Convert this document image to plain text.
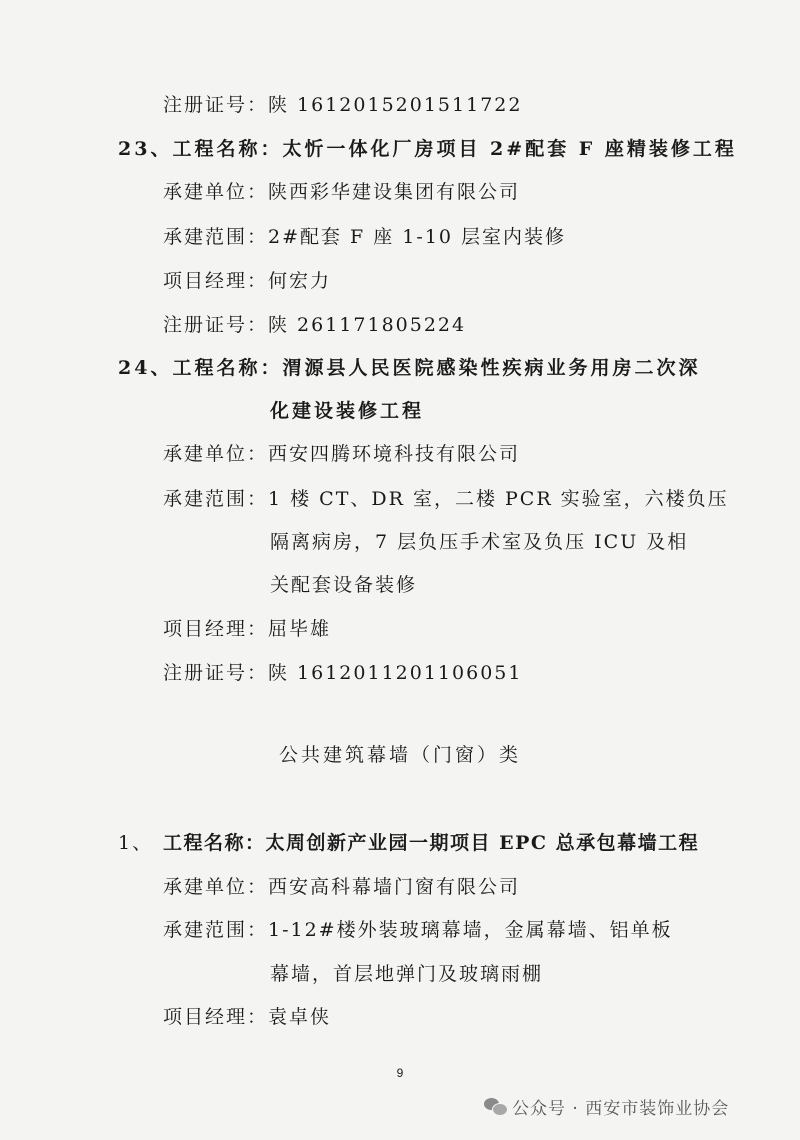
注册证号：陕 1612015201511722
23、工程名称：太忻一体化厂房项目 2#配套 F 座精装修工程
承建单位：陕西彩华建设集团有限公司
承建范围：2#配套 F 座 1-10 层室内装修
项目经理：何宏力
注册证号：陕 261171805224
24、工程名称：渭源县人民医院感染性疾病业务用房二次深
化建设装修工程
承建单位：西安四腾环境科技有限公司
承建范围：1 楼 CT、DR 室，二楼 PCR 实验室，六楼负压
隔离病房，7 层负压手术室及负压 ICU 及相
关配套设备装修
项目经理：屈毕雄
注册证号：陕 1612011201106051
公共建筑幕墙（门窗）类
1、 工程名称：太周创新产业园一期项目 EPC 总承包幕墙工程
承建单位：西安高科幕墙门窗有限公司
承建范围：1-12#楼外装玻璃幕墙，金属幕墙、铝单板
幕墙，首层地弹门及玻璃雨棚
项目经理：袁卓侠
9
公众号 · 西安市装饰业协会
